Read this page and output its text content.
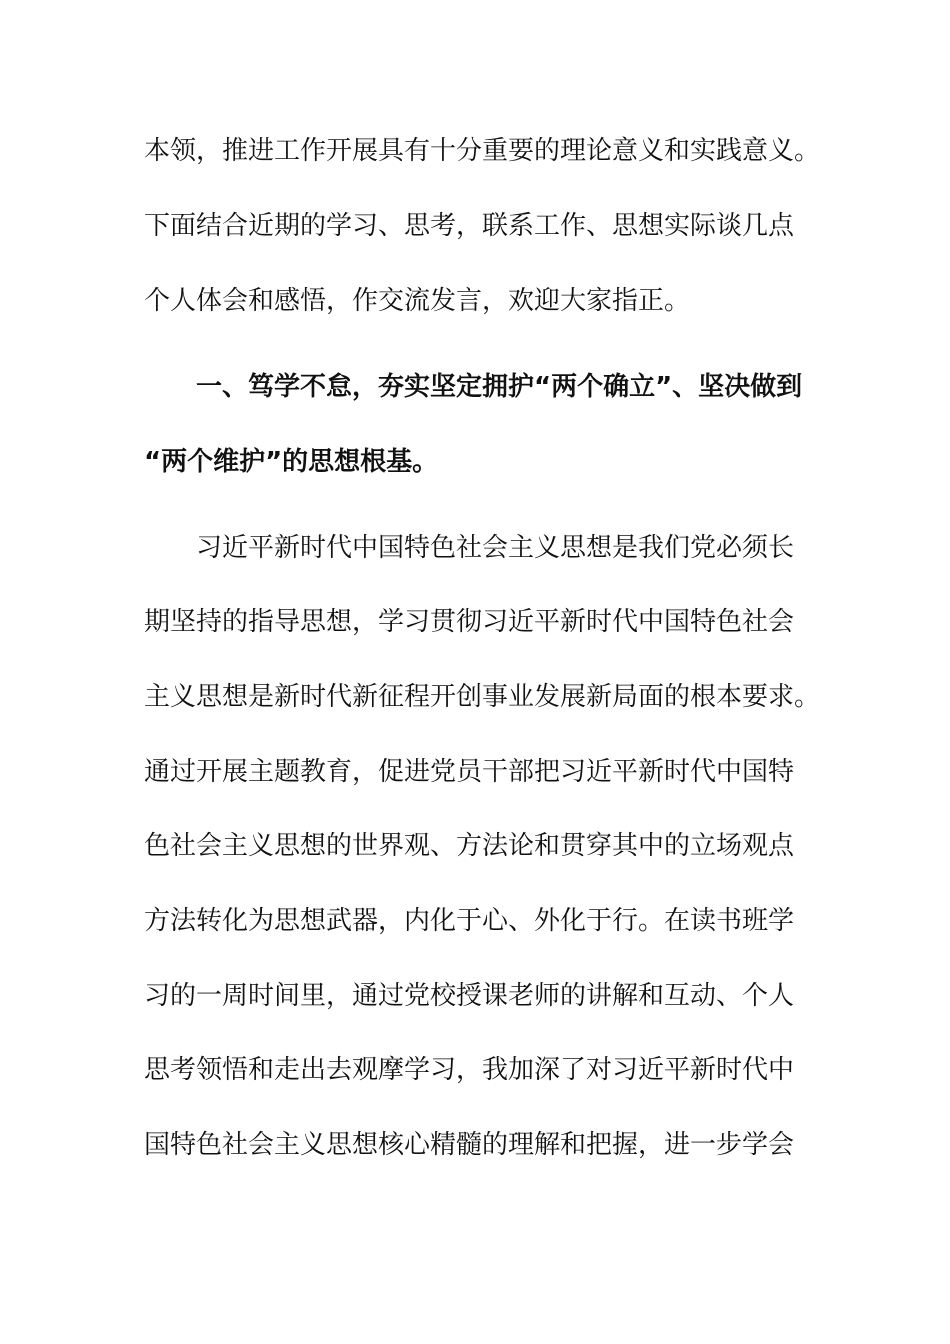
本领，推进工作开展具有十分重要的理论意义和实践意义。
下面结合近期的学习、思考，联系工作、思想实际谈几点
个人体会和感悟，作交流发言，欢迎大家指正。
一、笃学不怠，夯实坚定拥护“两个确立”、坚决做到
“两个维护”的思想根基。
习近平新时代中国特色社会主义思想是我们党必须长
期坚持的指导思想，学习贯彻习近平新时代中国特色社会
主义思想是新时代新征程开创事业发展新局面的根本要求。
通过开展主题教育，促进党员干部把习近平新时代中国特
色社会主义思想的世界观、方法论和贯穿其中的立场观点
方法转化为思想武器，内化于心、外化于行。在读书班学
习的一周时间里，通过党校授课老师的讲解和互动、个人
思考领悟和走出去观摩学习，我加深了对习近平新时代中
国特色社会主义思想核心精髓的理解和把握，进一步学会
